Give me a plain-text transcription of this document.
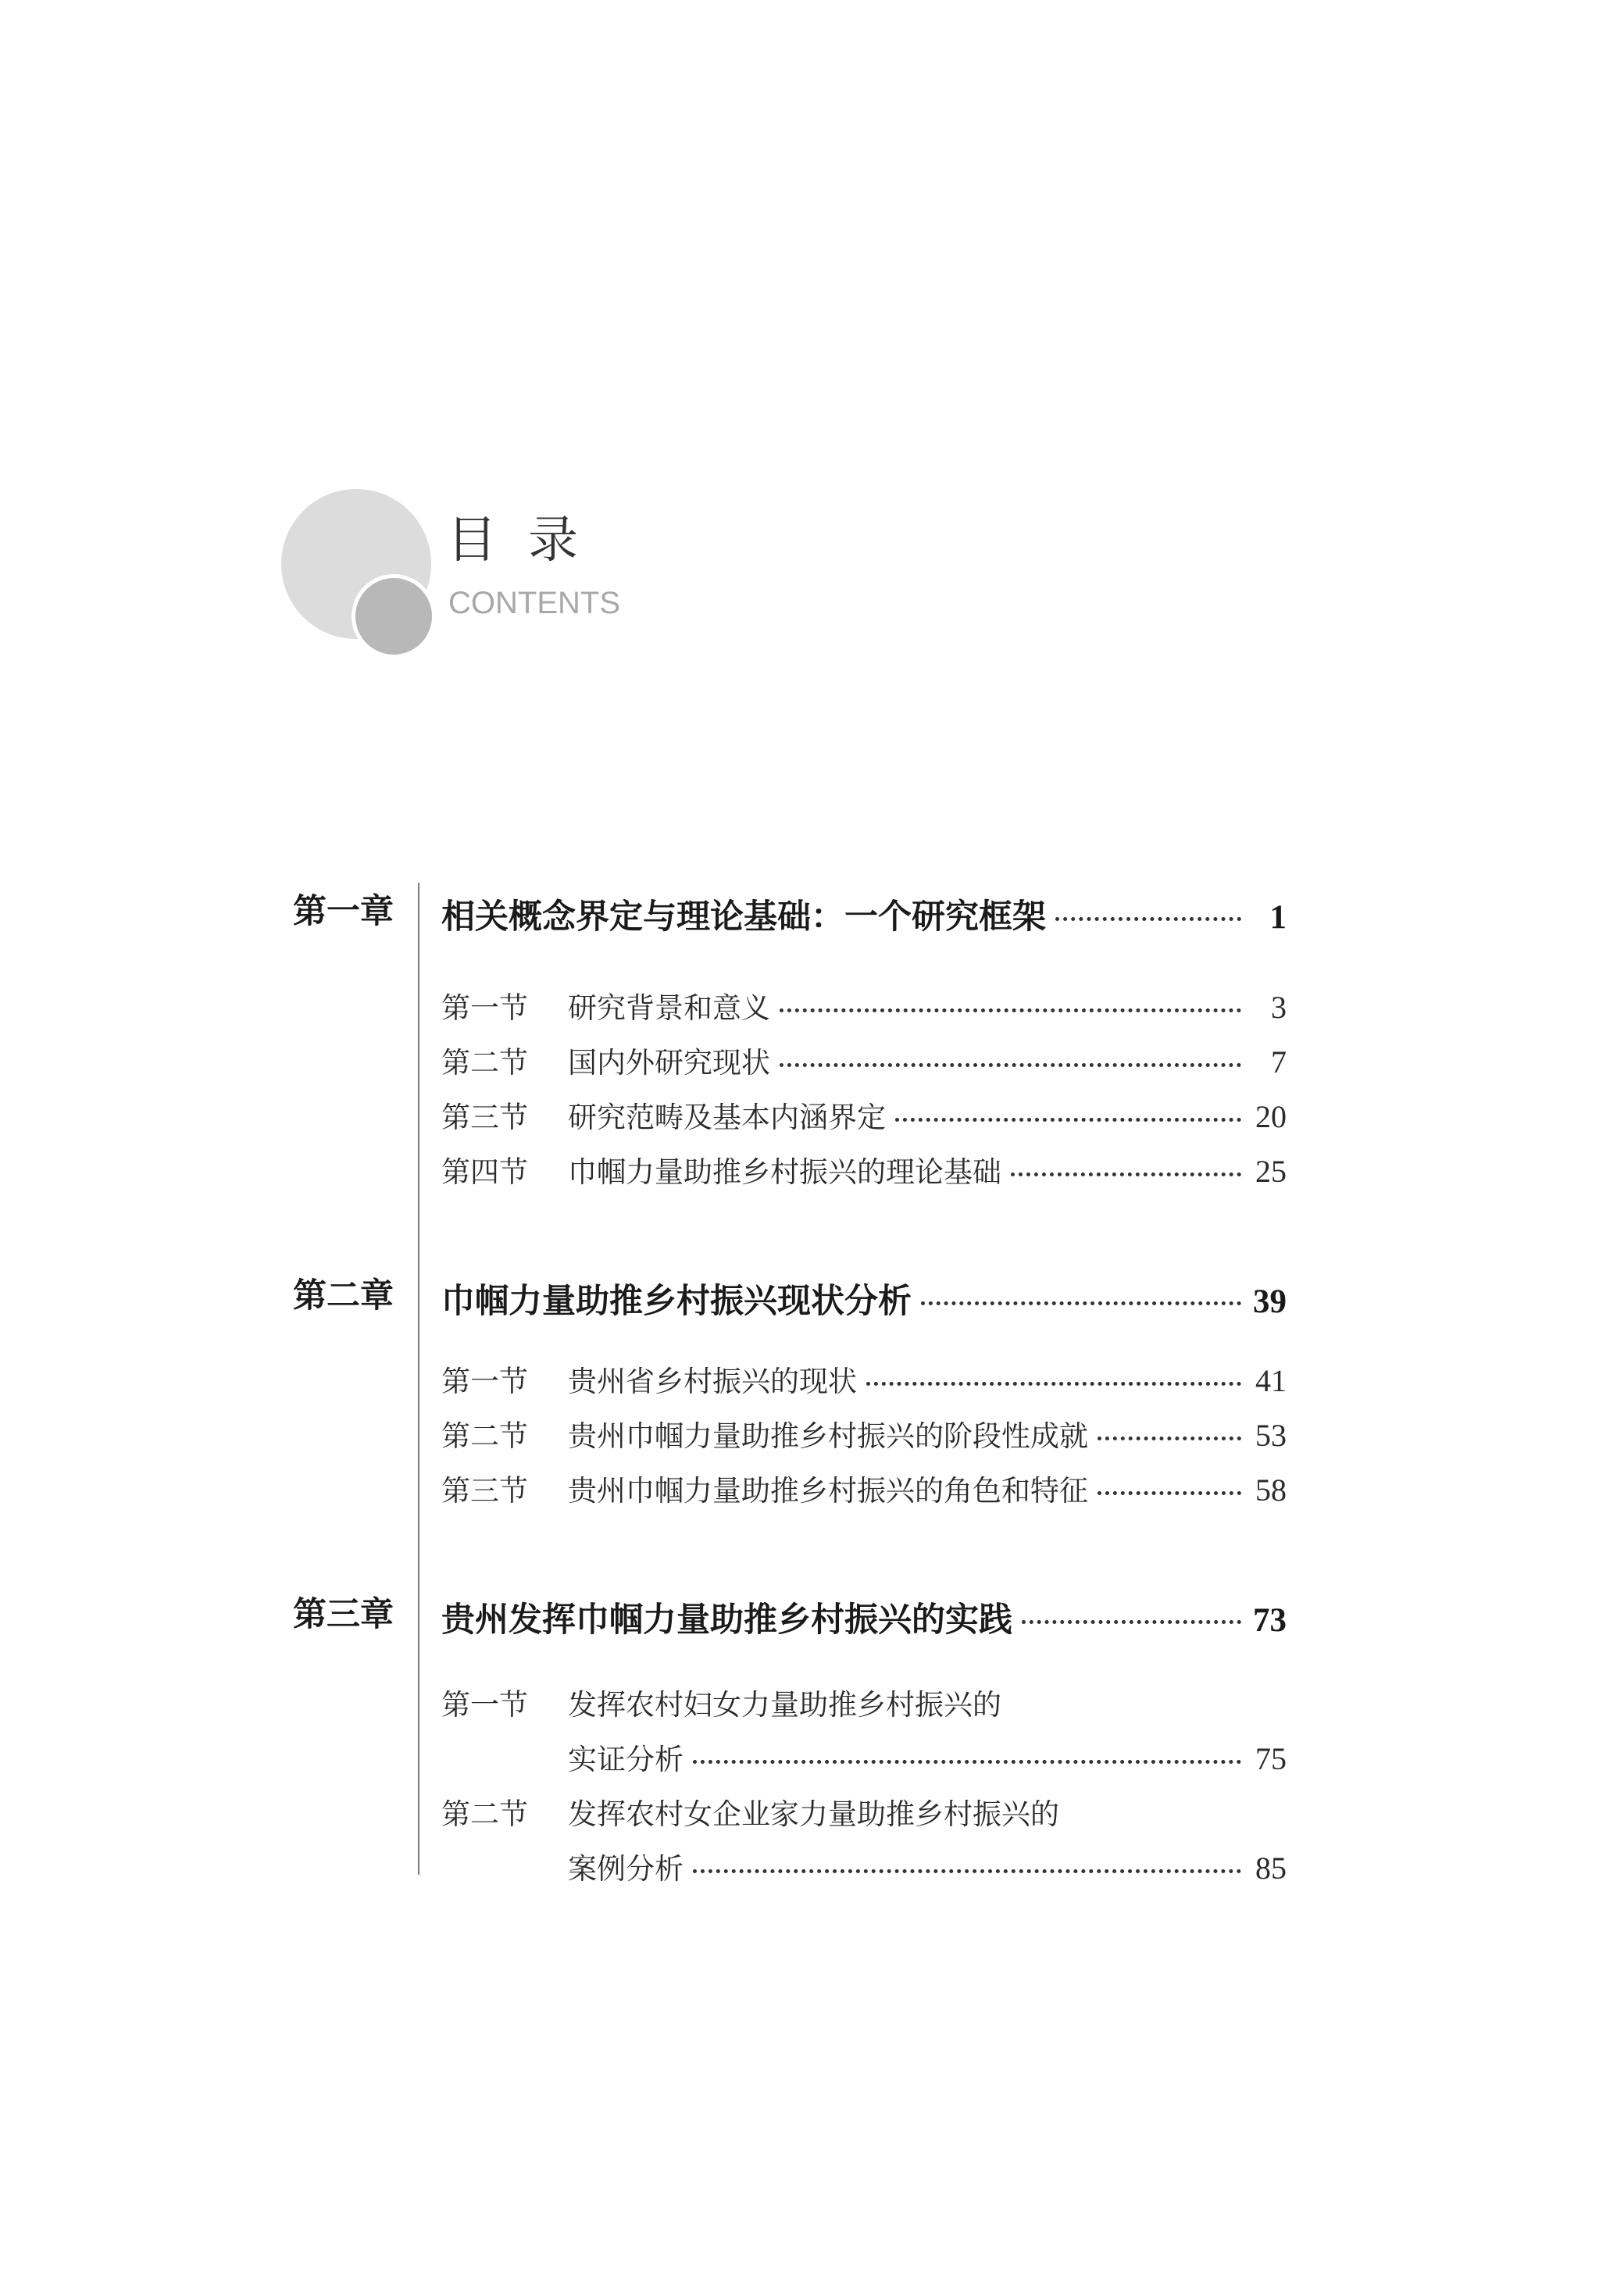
目录
CONTENTS
第一章 相关概念界定与理论基础：一个研究框架	1
第一节	研究背景和意义	3
第二节	国内外研究现状	7
第三节	研究范畴及基本内涵界定	20
第四节	巾帼力量助推乡村振兴的理论基础	25
第二章 巾帼力量助推乡村振兴现状分析	39
第一节	贵州省乡村振兴的现状	41
第二节	贵州巾帼力量助推乡村振兴的阶段性成就	53
第三节	贵州巾帼力量助推乡村振兴的角色和特征	58
第三章 贵州发挥巾帼力量助推乡村振兴的实践	73
第一节	发挥农村妇女力量助推乡村振兴的
实证分析	75
第二节	发挥农村女企业家力量助推乡村振兴的
案例分析	85
